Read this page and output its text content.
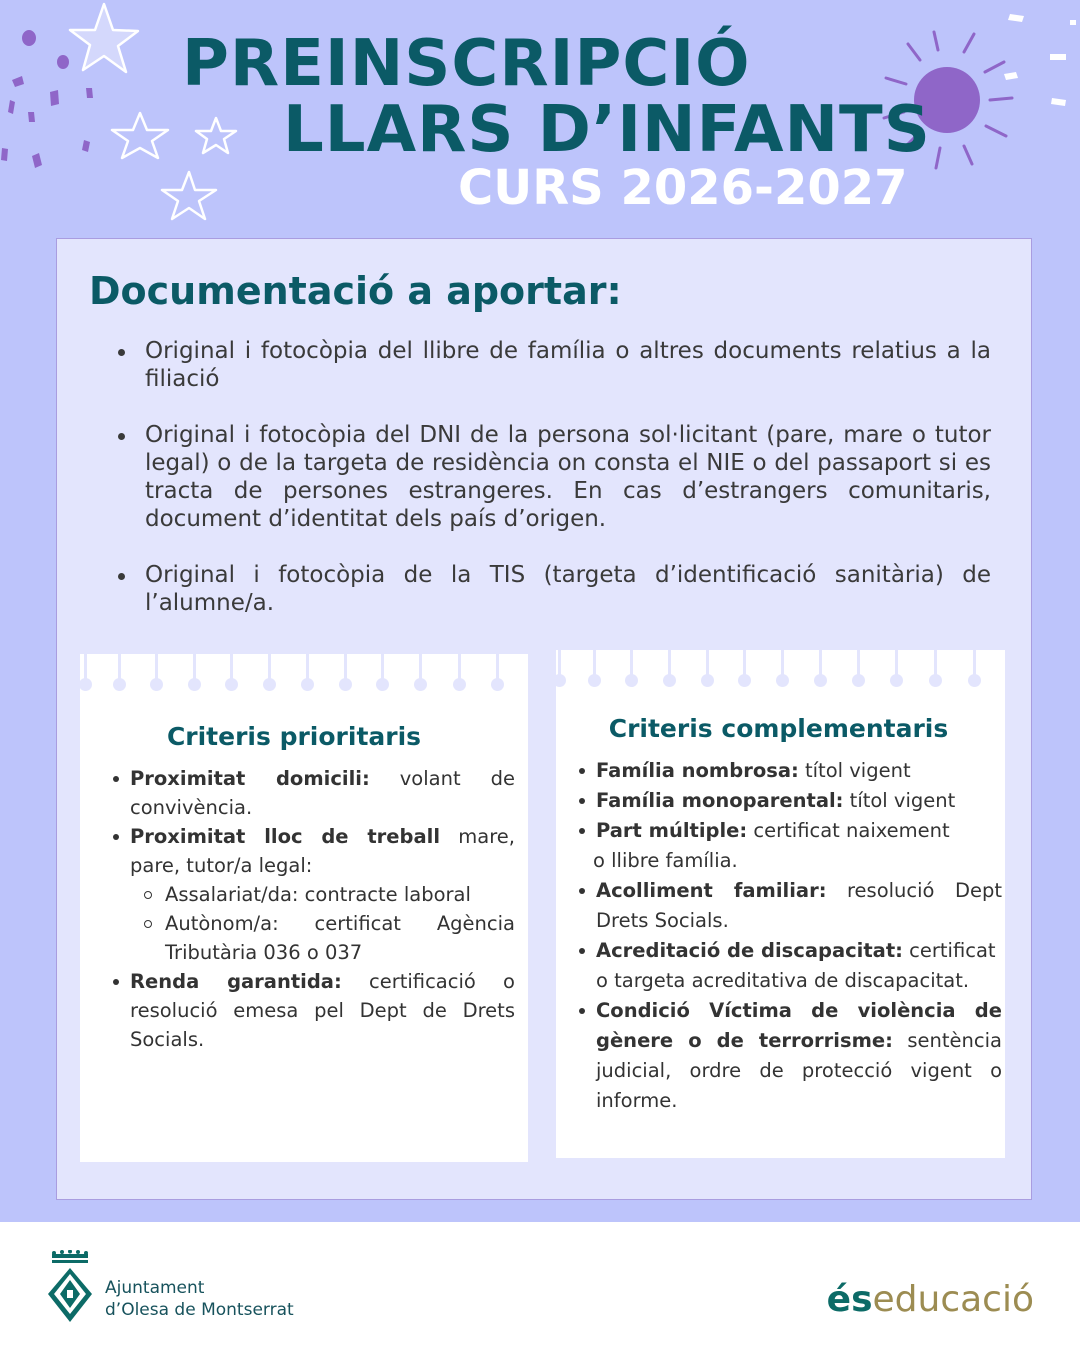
PREINSCRIPCIÓ
LLARS D’INFANTS
CURS 2026-2027
Documentació a aportar:
Original i fotocòpia del llibre de família o altres documents relatius a la filiació
Original i fotocòpia del DNI de la persona sol·licitant (pare, mare o tutor legal) o de la targeta de residència on consta el NIE o del passaport si es tracta de persones estrangeres. En cas d’estrangers comunitaris, document d’identitat dels país d’origen.
Original i fotocòpia de la TIS (targeta d’identificació sanitària) de l’alumne/a.
Criteris prioritaris
Proximitat domicili: volant de convivència.
Proximitat lloc de treball mare, pare, tutor/a legal:
Assalariat/da: contracte laboral
Autònom/a: certificat Agència Tributària 036 o 037
Renda garantida: certificació o resolució emesa pel Dept de Drets Socials.
Criteris complementaris
Família nombrosa: títol vigent
Família monoparental: títol vigent
Part múltiple: certificat naixement
o llibre família.
Acolliment familiar: resolució Dept Drets Socials.
Acreditació de discapacitat: certificat
o targeta acreditativa de discapacitat.
Condició Víctima de violència de gènere o de terrorrisme: sentència judicial, ordre de protecció vigent o informe.
Ajuntament
d’Olesa de Montserrat	éseducació
